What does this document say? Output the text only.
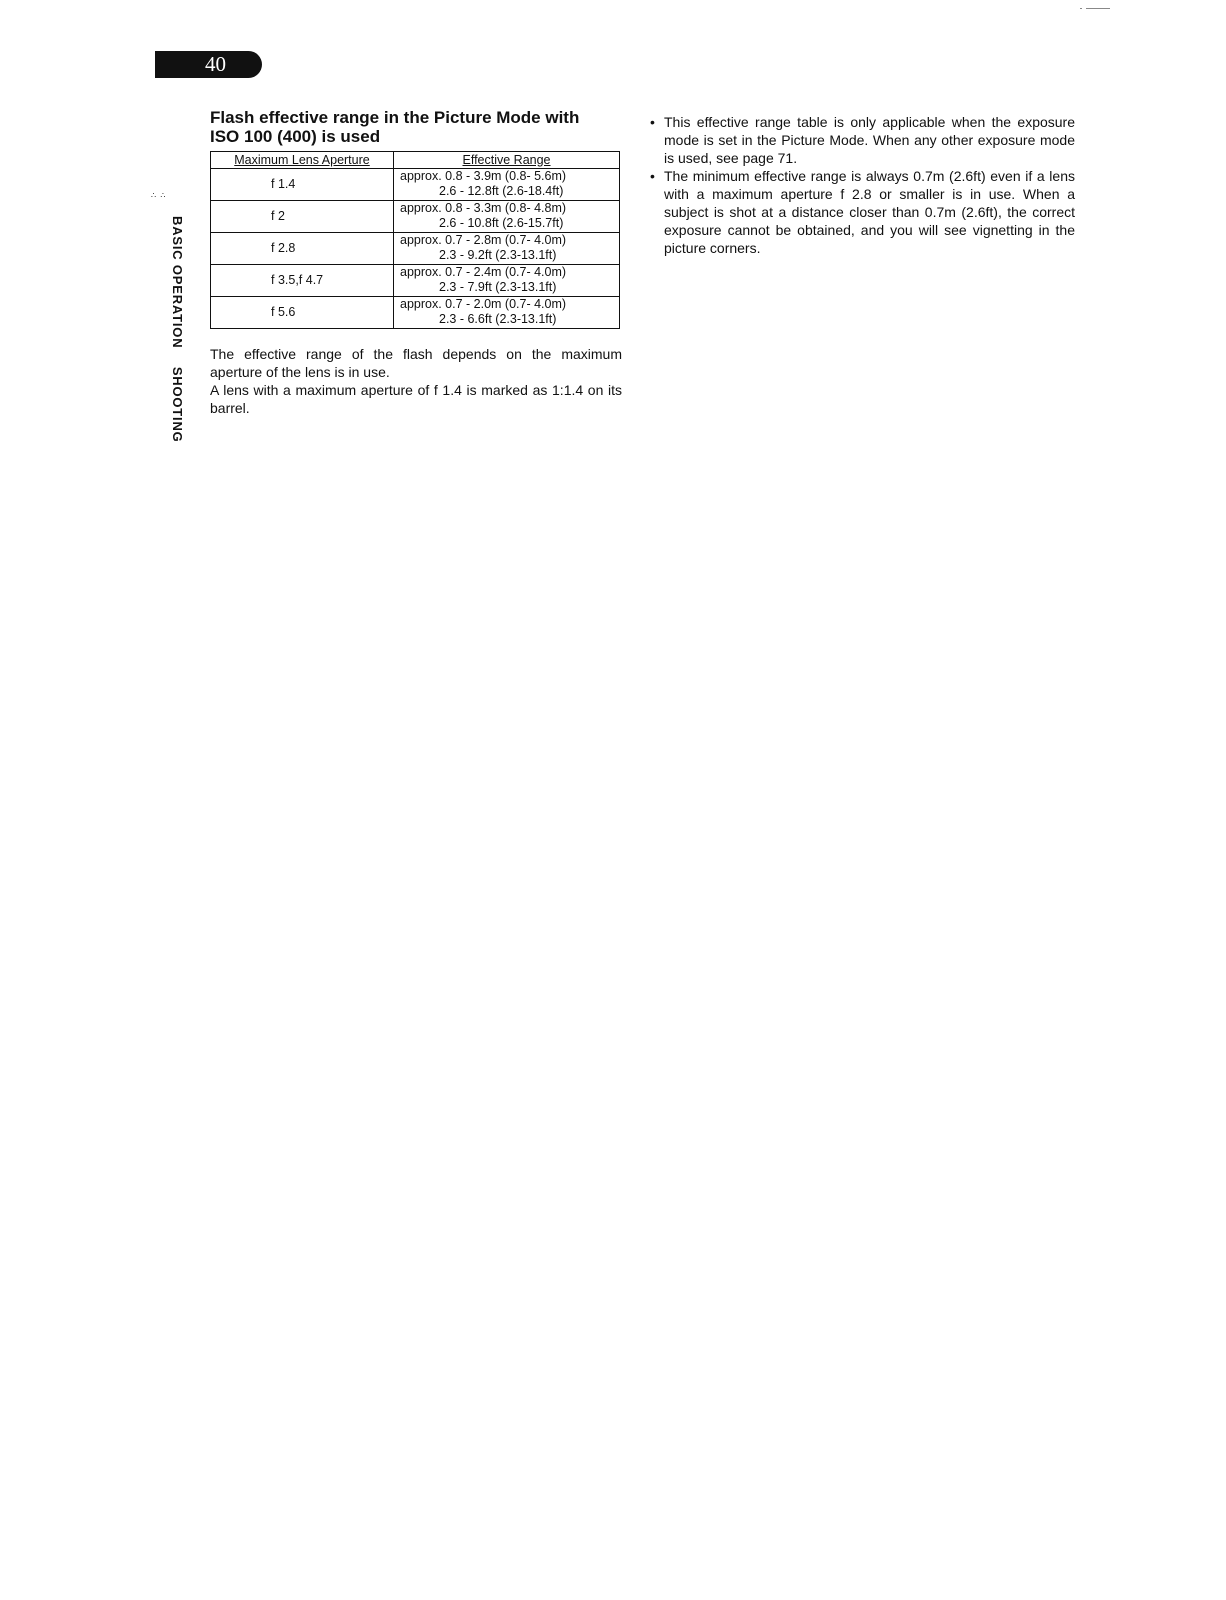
40
∴ ∴
BASIC OPERATION SHOOTING
Flash effective range in the Picture Mode with
ISO 100 (400) is used
Maximum Lens Aperture	Effective Range
f 1.4	approx. 0.8 - 3.9m (0.8- 5.6m)
2.6 - 12.8ft (2.6-18.4ft)

f 2	approx. 0.8 - 3.3m (0.8- 4.8m)
2.6 - 10.8ft (2.6-15.7ft)

f 2.8	approx. 0.7 - 2.8m (0.7- 4.0m)
2.3 - 9.2ft (2.3-13.1ft)

f 3.5,f 4.7	approx. 0.7 - 2.4m (0.7- 4.0m)
2.3 - 7.9ft (2.3-13.1ft)

f 5.6	approx. 0.7 - 2.0m (0.7- 4.0m)
2.3 - 6.6ft (2.3-13.1ft)

The effective range of the flash depends on the maximum aperture of the lens is in use.

A lens with a maximum aperture of f 1.4 is marked as 1:1.4 on its barrel.

• This effective range table is only applicable when the exposure mode is set in the Picture Mode. When any other exposure mode is used, see page 71.
• The minimum effective range is always 0.7m (2.6ft) even if a lens with a maximum aperture f 2.8 or smaller is in use. When a subject is shot at a distance closer than 0.7m (2.6ft), the correct exposure cannot be obtained, and you will see vignetting in the picture corners.
